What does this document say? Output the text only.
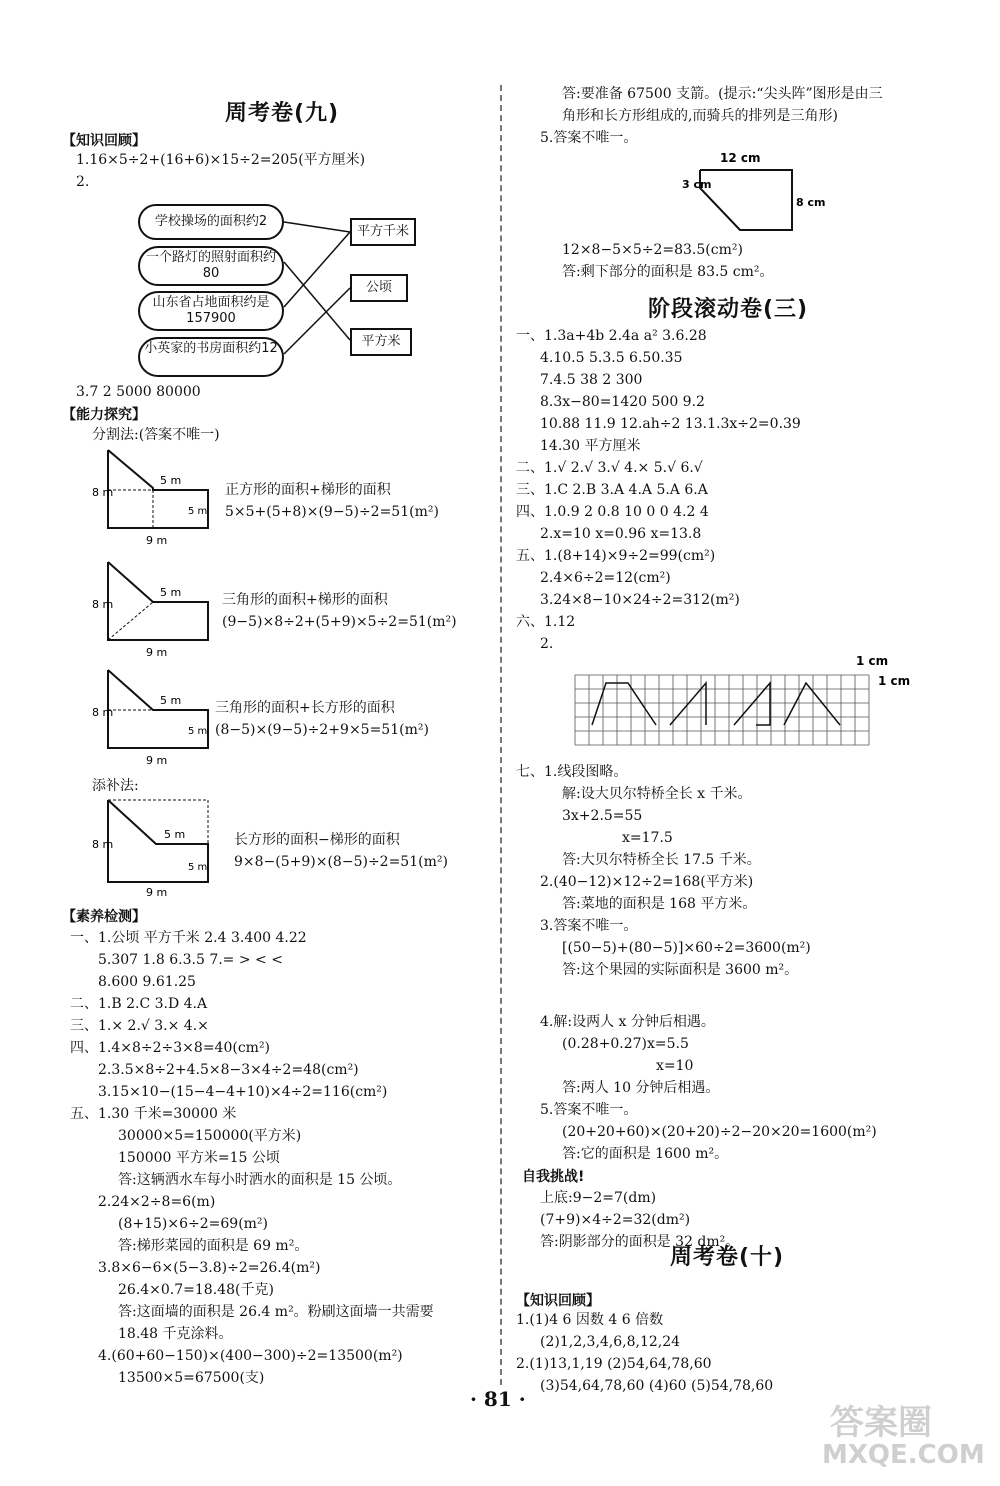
周考卷(九)
【知识回顾】
1.16×5÷2+(16+6)×15÷2=205(平方厘米)
2.
学校操场的面积约2
一个路灯的照射面积约80
山东省占地面积约是157900
小英家的书房面积约12
平方千米
公顷
平方米
3.7 2 5000 80000
【能力探究】
分割法:(答案不唯一)
5 m
8 m
5 m
9 m
正方形的面积+梯形的面积
5×5+(5+8)×(9−5)÷2=51(m²)
5 m
8 m
9 m
三角形的面积+梯形的面积
(9−5)×8÷2+(5+9)×5÷2=51(m²)
5 m
8 m
5 m
9 m
三角形的面积+长方形的面积
(8−5)×(9−5)÷2+9×5=51(m²)
添补法:
5 m
8 m
5 m
9 m
长方形的面积−梯形的面积
9×8−(5+9)×(8−5)÷2=51(m²)
【素养检测】
一、1.公顷 平方千米 2.4 3.400 4.22
5.307 1.8 6.3.5 7.= > < <
8.600 9.61.25
二、1.B 2.C 3.D 4.A
三、1.× 2.√ 3.× 4.×
四、1.4×8÷2÷3×8=40(cm²)
2.3.5×8÷2+4.5×8−3×4÷2=48(cm²)
3.15×10−(15−4−4+10)×4÷2=116(cm²)
五、1.30 千米=30000 米
30000×5=150000(平方米)
150000 平方米=15 公顷
答:这辆洒水车每小时洒水的面积是 15 公顷。
2.24×2÷8=6(m)
(8+15)×6÷2=69(m²)
答:梯形菜园的面积是 69 m²。
3.8×6−6×(5−3.8)÷2=26.4(m²)
26.4×0.7=18.48(千克)
答:这面墙的面积是 26.4 m²。粉刷这面墙一共需要
18.48 千克涂料。
4.(60+60−150)×(400−300)÷2=13500(m²)
13500×5=67500(支)
答:要准备 67500 支箭。(提示:“尖头阵”图形是由三
角形和长方形组成的,而骑兵的排列是三角形)
5.答案不唯一。
12 cm
3 cm
8 cm
12×8−5×5÷2=83.5(cm²)
答:剩下部分的面积是 83.5 cm²。
阶段滚动卷(三)
一、1.3a+4b 2.4a a² 3.6.28
4.10.5 5.3.5 6.50.35
7.4.5 38 2 300
8.3x−80=1420 500 9.2
10.88 11.9 12.ah÷2 13.1.3x÷2=0.39
14.30 平方厘米
二、1.√ 2.√ 3.√ 4.× 5.√ 6.√
三、1.C 2.B 3.A 4.A 5.A 6.A
四、1.0.9 2 0.8 10 0 0 4.2 4
2.x=10 x=0.96 x=13.8
五、1.(8+14)×9÷2=99(cm²)
2.4×6÷2=12(cm²)
3.24×8−10×24÷2=312(m²)
六、1.12
2.
1 cm
1 cm
七、1.线段图略。
解:设大贝尔特桥全长 x 千米。
3x+2.5=55
x=17.5
答:大贝尔特桥全长 17.5 千米。
2.(40−12)×12÷2=168(平方米)
答:菜地的面积是 168 平方米。
3.答案不唯一。
[(50−5)+(80−5)]×60÷2=3600(m²)
答:这个果园的实际面积是 3600 m²。
4.解:设两人 x 分钟后相遇。
(0.28+0.27)x=5.5
x=10
答:两人 10 分钟后相遇。
5.答案不唯一。
(20+20+60)×(20+20)÷2−20×20=1600(m²)
答:它的面积是 1600 m²。
自我挑战!
上底:9−2=7(dm)
(7+9)×4÷2=32(dm²)
答:阴影部分的面积是 32 dm²。
周考卷(十)
【知识回顾】
1.(1)4 6 因数 4 6 倍数
(2)1,2,3,4,6,8,12,24
2.(1)13,1,19 (2)54,64,78,60
(3)54,64,78,60 (4)60 (5)54,78,60
· 81 ·
答案圈
MXQE.COM
